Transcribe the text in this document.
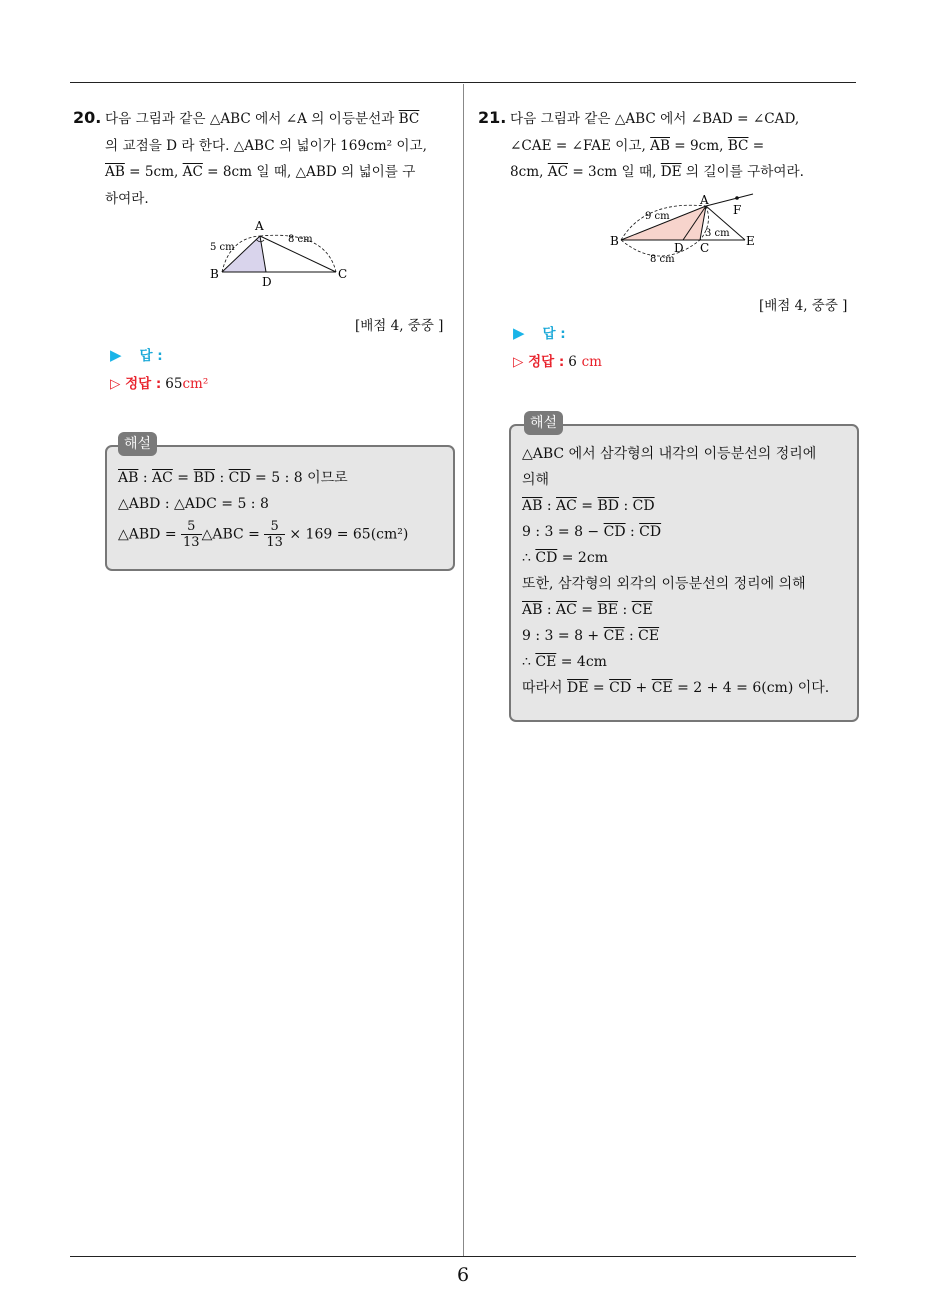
6
20. 다음 그림과 같은 △ABC 에서 ∠A 의 이등분선과 $\overline{BC}$
의 교점을 D 라 한다. △ABC 의 넓이가 169cm² 이고,
$\overline{AB} = 5cm$, $\overline{AC} = 8cm$ 일 때, △ABD 의 넓이를 구
하여라.
A
B	C
D
5 cm
8 cm
[배점 4, 중중 ]
▶ 답 :
▷ 정답 : 65cm²
해설
$\overline{AB}$ : $\overline{AC} = \overline{BD}$ : $\overline{CD} = 5$ : 8 이므로
△ABD : △ADC = 5 : 8
△ABD = $\frac{5}{13}$ △ABC = $\frac{5}{13} \times 169 = 65(cm^2)$
21. 다음 그림과 같은 △ABC 에서 ∠BAD = ∠CAD,
∠CAE = ∠FAE 이고, $\overline{AB} = 9cm$, $\overline{BC}$ =
8cm, $\overline{AC} = 3cm$ 일 때, $\overline{DE}$ 의 길이를 구하여라.
A
B	C
D	E
F
9 cm
3 cm
8 cm
[배점 4, 중중 ]
▶ 답 :
▷ 정답 : 6 cm
해설
△ABC 에서 삼각형의 내각의 이등분선의 정리에
의해
$\overline{AB}$ : $\overline{AC} = \overline{BD}$ : $\overline{CD}$
9 : $3 = 8 - \overline{CD}$ : $\overline{CD}$
∴ $\overline{CD} = 2cm$
또한, 삼각형의 외각의 이등분선의 정리에 의해
$\overline{AB}$ : $\overline{AC} = \overline{BE}$ : $\overline{CE}$
9 : $3 = 8 + \overline{CE}$ : $\overline{CE}$
∴ $\overline{CE} = 4cm$
따라서 $\overline{DE} = \overline{CD} + \overline{CE} = 2 + 4 = 6(cm)$ 이다.
